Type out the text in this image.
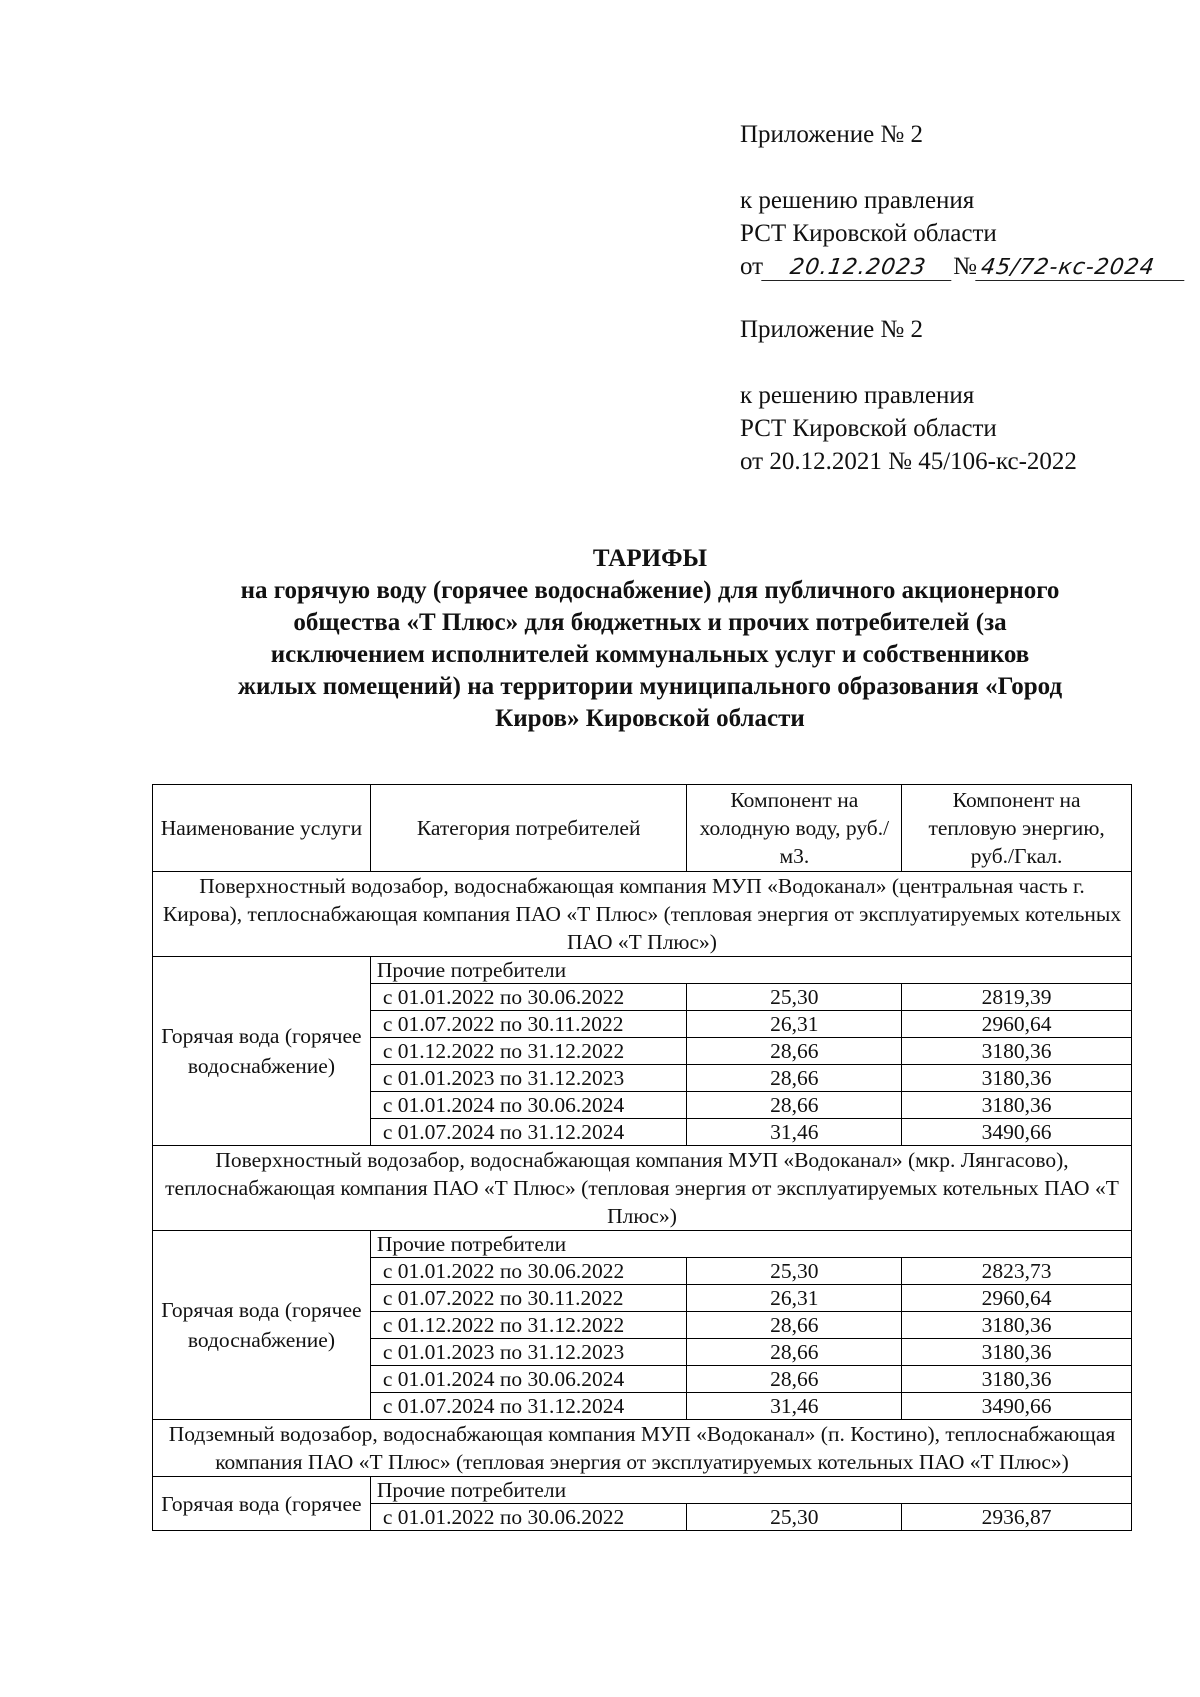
Приложение № 2

к решению правления

РСТ Кировской области

от 20.12.2023 № 45/72-кс-2024

Приложение № 2

к решению правления

РСТ Кировской области

от 20.12.2021 № 45/106-кс-2022

ТАРИФЫ
на горячую воду (горячее водоснабжение) для публичного акционерного
общества «Т Плюс» для бюджетных и прочих потребителей (за
исключением исполнителей коммунальных услуг и собственников
жилых помещений) на территории муниципального образования «Город
Киров» Кировской области
Наименование услуги	Категория потребителей	Компонент на холодную воду, руб./м3.	Компонент на тепловую энергию, руб./Гкал.
Поверхностный водозабор, водоснабжающая компания МУП «Водоканал» (центральная часть г. Кирова), теплоснабжающая компания ПАО «Т Плюс» (тепловая энергия от эксплуатируемых котельных ПАО «Т Плюс»)			
Горячая вода (горячее водоснабжение)	Прочие потребители		
	с 01.01.2022 по 30.06.2022	25,30	2819,39
	с 01.07.2022 по 30.11.2022	26,31	2960,64
	с 01.12.2022 по 31.12.2022	28,66	3180,36
	с 01.01.2023 по 31.12.2023	28,66	3180,36
	с 01.01.2024 по 30.06.2024	28,66	3180,36
	с 01.07.2024 по 31.12.2024	31,46	3490,66
Поверхностный водозабор, водоснабжающая компания МУП «Водоканал» (мкр. Лянгасово), теплоснабжающая компания ПАО «Т Плюс» (тепловая энергия от эксплуатируемых котельных ПАО «Т Плюс»)			
Горячая вода (горячее водоснабжение)	Прочие потребители		
	с 01.01.2022 по 30.06.2022	25,30	2823,73
	с 01.07.2022 по 30.11.2022	26,31	2960,64
	с 01.12.2022 по 31.12.2022	28,66	3180,36
	с 01.01.2023 по 31.12.2023	28,66	3180,36
	с 01.01.2024 по 30.06.2024	28,66	3180,36
	с 01.07.2024 по 31.12.2024	31,46	3490,66
Подземный водозабор, водоснабжающая компания МУП «Водоканал» (п. Костино), теплоснабжающая компания ПАО «Т Плюс» (тепловая энергия от эксплуатируемых котельных ПАО «Т Плюс»)			
Горячая вода (горячее	Прочие потребители		
	с 01.01.2022 по 30.06.2022	25,30	2936,87
